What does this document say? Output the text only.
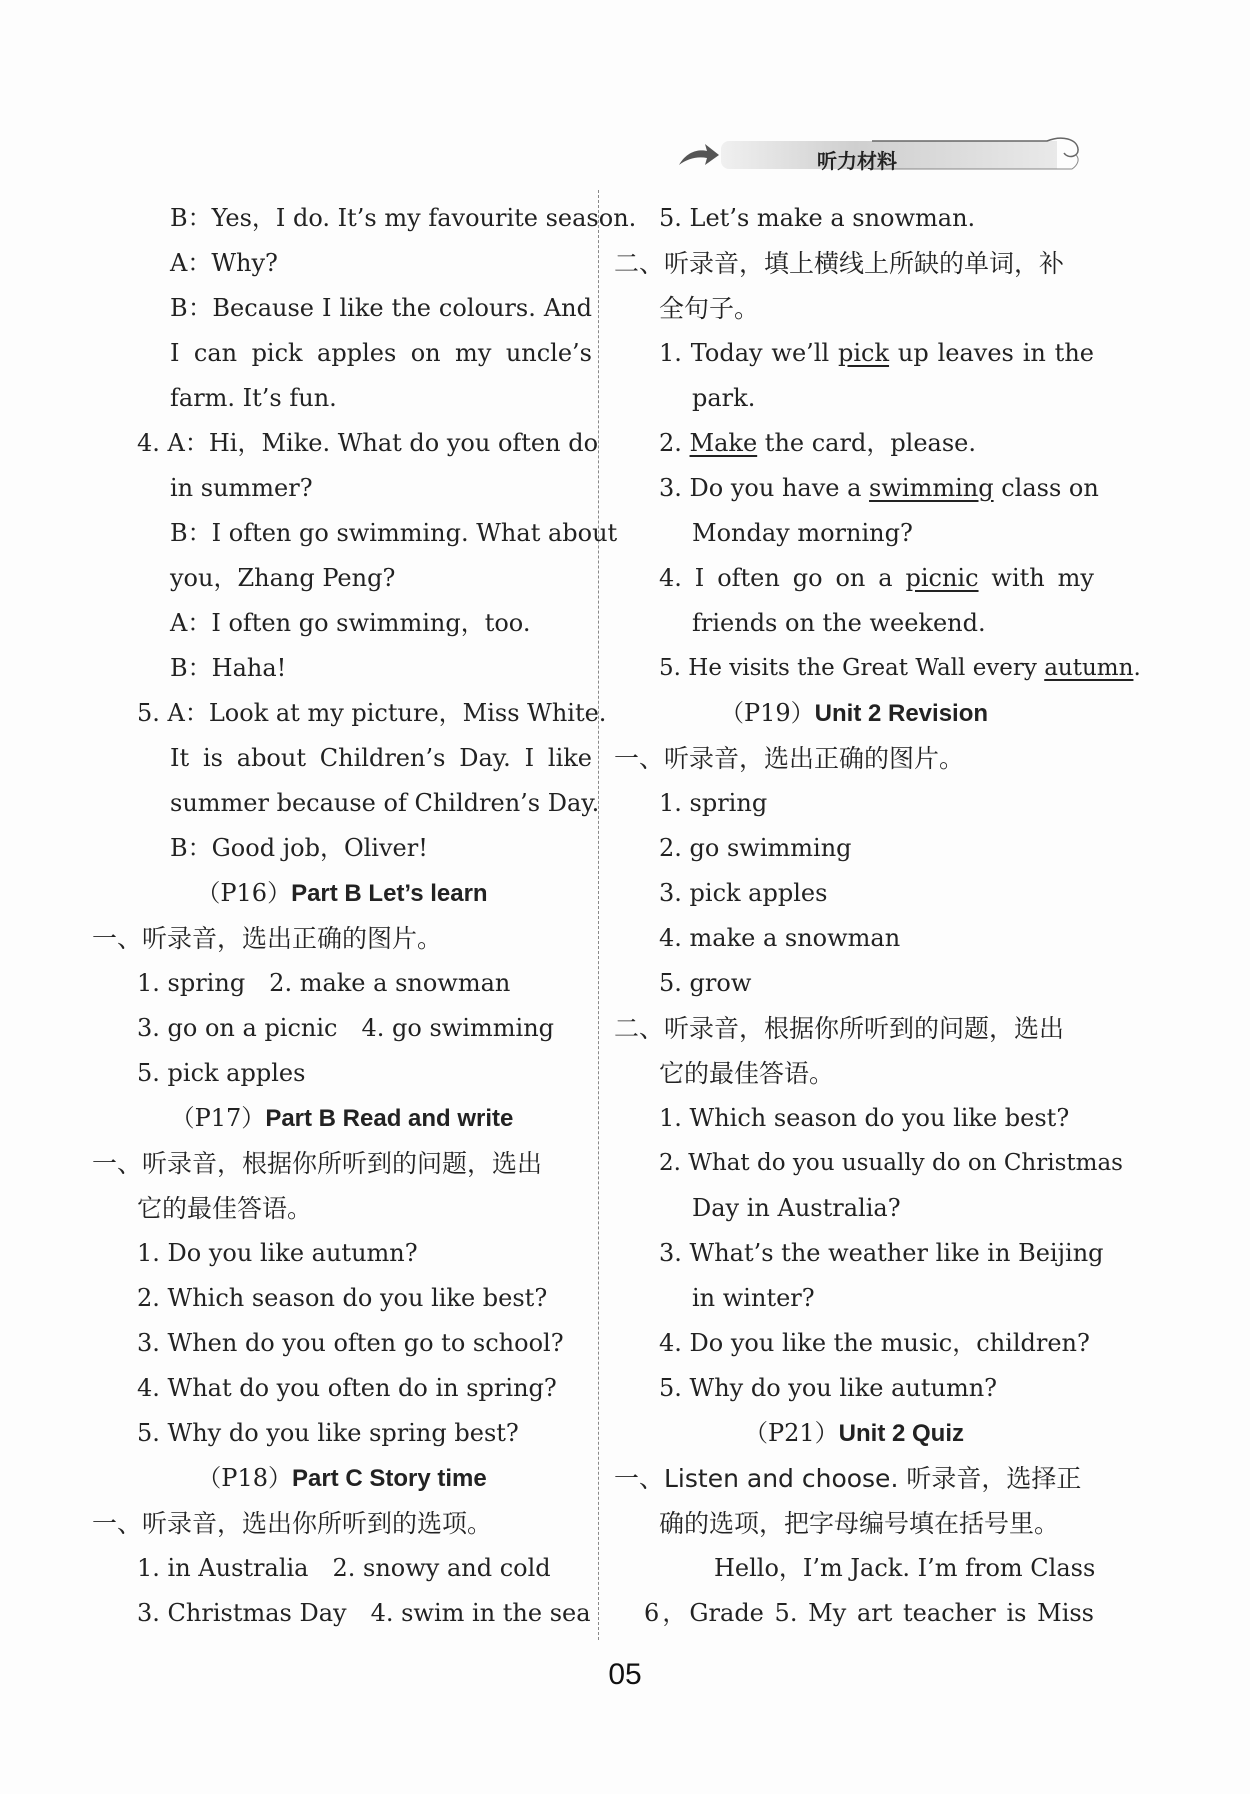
听力材料
B：Yes，I do. It’s my favourite season.
A：Why?
B：Because I like the colours. And
I can pick apples on my uncle’s
farm. It’s fun.
4. A：Hi，Mike. What do you often do
in summer?
B：I often go swimming. What about
you，Zhang Peng?
A：I often go swimming，too.
B：Haha!
5. A：Look at my picture，Miss White.
It is about Children’s Day. I like
summer because of Children’s Day.
B：Good job，Oliver!
（P16）Part B Let’s learn
一、听录音，选出正确的图片。
1. spring　2. make a snowman
3. go on a picnic　4. go swimming
5. pick apples
（P17）Part B Read and write
一、听录音，根据你所听到的问题，选出
它的最佳答语。
1. Do you like autumn?
2. Which season do you like best?
3. When do you often go to school?
4. What do you often do in spring?
5. Why do you like spring best?
（P18）Part C Story time
一、听录音，选出你所听到的选项。
1. in Australia　2. snowy and cold
3. Christmas Day　4. swim in the sea
5. Let’s make a snowman.
二、听录音，填上横线上所缺的单词，补
全句子。
1. Today we’ll pick up leaves in the
park.
2. Make the card，please.
3. Do you have a swimming class on
Monday morning?
4. I often go on a picnic with my
friends on the weekend.
5. He visits the Great Wall every autumn.
（P19）Unit 2 Revision
一、听录音，选出正确的图片。
1. spring
2. go swimming
3. pick apples
4. make a snowman
5. grow
二、听录音，根据你所听到的问题，选出
它的最佳答语。
1. Which season do you like best?
2. What do you usually do on Christmas
Day in Australia?
3. What’s the weather like in Beijing
in winter?
4. Do you like the music，children?
5. Why do you like autumn?
（P21）Unit 2 Quiz
一、Listen and choose. 听录音，选择正
确的选项，把字母编号填在括号里。
Hello，I’m Jack. I’m from Class
6，Grade 5. My art teacher is Miss
05
